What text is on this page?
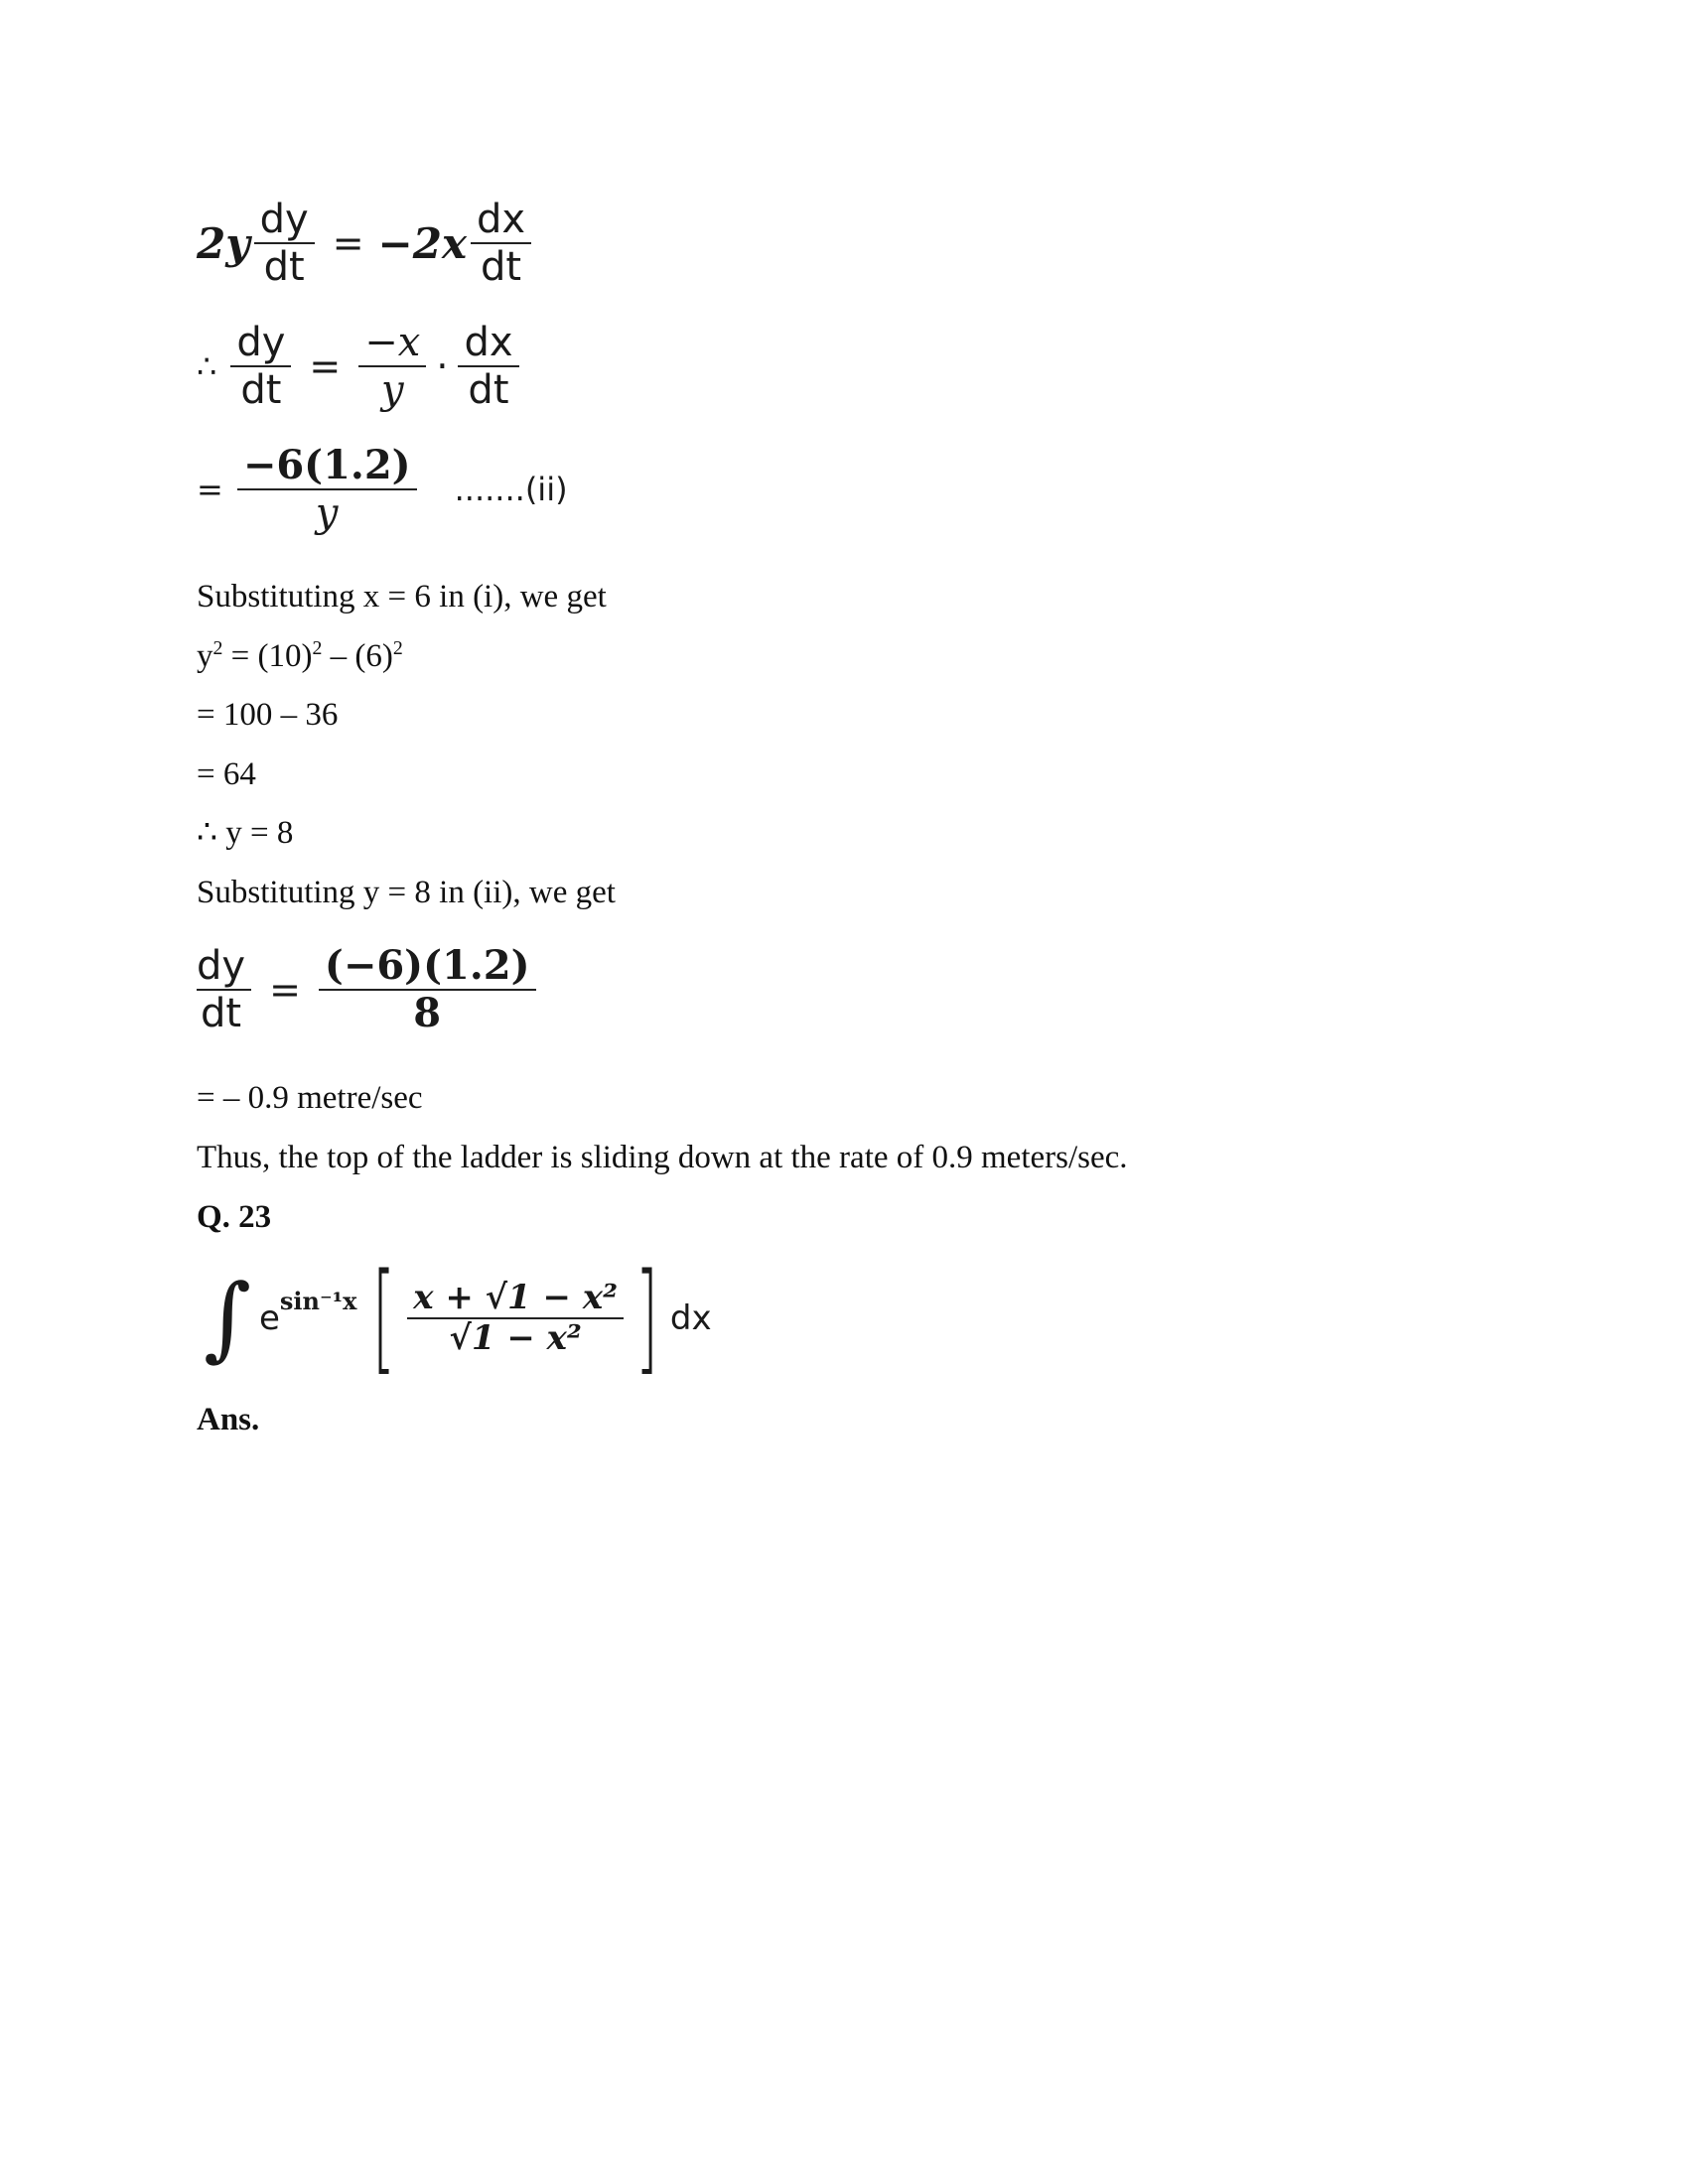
$2y \frac{dy}{dt} = -2x \frac{dx}{dt}$
∴ $\frac{dy}{dt} = \frac{-x}{y} \cdot \frac{dx}{dt}$
= $\frac{-6(1.2)}{y} .......(ii)$
Substituting x = 6 in (i), we get
$y^2 = (10)^2 - (6)^2$
= 100 – 36
= 64
∴ y = 8
Substituting y = 8 in (ii), we get
$\frac{dy}{dt} = \frac{(-6)(1.2)}{8}$
= – 0.9 metre/sec
Thus, the top of the ladder is sliding down at the rate of 0.9 meters/sec.
Q. 23
∫ e sin⁻¹x [ $\frac{\text{x + √1 − x²}}{\text{√1 − x²}}$ ] dx
Ans.
